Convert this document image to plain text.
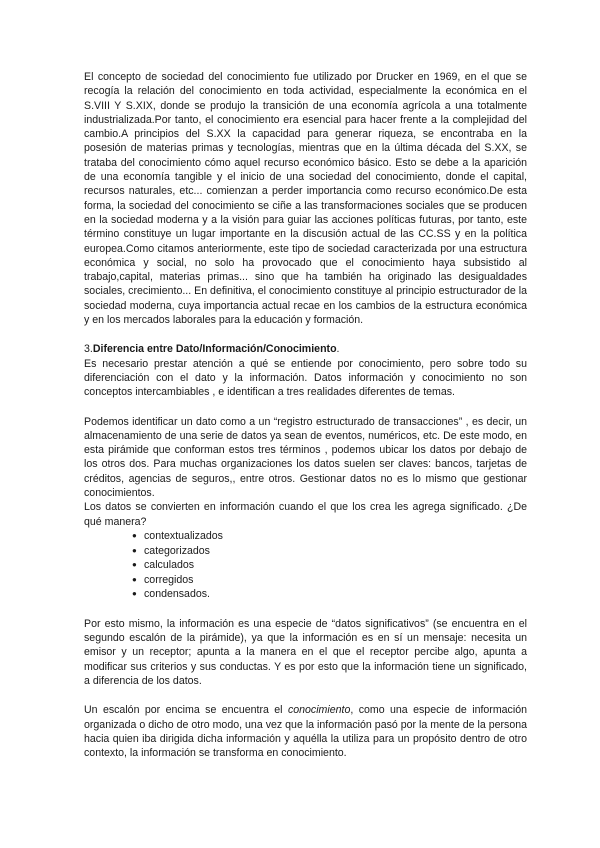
El concepto de sociedad del conocimiento fue utilizado por Drucker en 1969, en el que se recogía la relación del conocimiento en toda actividad, especialmente la económica en el S.VIII Y S.XIX, donde se produjo la transición de una economía agrícola a una totalmente industrializada.Por tanto, el conocimiento era esencial para hacer frente a la complejidad del cambio.A principios del S.XX la capacidad para generar riqueza, se encontraba en la posesión de materias primas y tecnologías, mientras que en la última década del S.XX, se trataba del conocimiento cómo aquel recurso económico básico. Esto se debe a la aparición de una economía tangible y el inicio de una sociedad del conocimiento, donde el capital, recursos naturales, etc... comienzan a perder importancia como recurso económico.De esta forma, la sociedad del conocimiento se ciñe a las transformaciones sociales que se producen en la sociedad moderna y a la visión para guiar las acciones políticas futuras, por tanto, este término constituye un lugar importante en la discusión actual de las CC.SS y en la política europea.Como citamos anteriormente, este tipo de sociedad caracterizada por una estructura económica y social, no solo ha provocado que el conocimiento haya subsistido al trabajo,capital, materias primas... sino que ha también ha originado las desigualdades sociales, crecimiento... En definitiva, el conocimiento constituye al principio estructurador de la sociedad moderna, cuya importancia actual recae en los cambios de la estructura económica y en los mercados laborales para la educación y formación.

3.Diferencia entre Dato/Información/Conocimiento.

Es necesario prestar atención a qué se entiende por conocimiento, pero sobre todo su diferenciación con el dato y la información. Datos información y conocimiento no son conceptos intercambiables , e identifican a tres realidades diferentes de temas.

Podemos identificar un dato como a un “registro estructurado de transacciones” , es decir, un almacenamiento de una serie de datos ya sean de eventos, numéricos, etc. De este modo, en esta pirámide que conforman estos tres términos , podemos ubicar los datos por debajo de los otros dos. Para muchas organizaciones los datos suelen ser claves: bancos, tarjetas de créditos, agencias de seguros,, entre otros. Gestionar datos no es lo mismo que gestionar conocimientos.

Los datos se convierten en información cuando el que los crea les agrega significado. ¿De qué manera?

● contextualizados
● categorizados
● calculados
● corregidos
● condensados.

Por esto mismo, la información es una especie de “datos significativos” (se encuentra en el segundo escalón de la pirámide), ya que la información es en sí un mensaje: necesita un emisor y un receptor; apunta a la manera en el que el receptor percibe algo, apunta a modificar sus criterios y sus conductas. Y es por esto que la información tiene un significado, a diferencia de los datos.

Un escalón por encima se encuentra el conocimiento, como una especie de información organizada o dicho de otro modo, una vez que la información pasó por la mente de la persona hacia quien iba dirigida dicha información y aquélla la utiliza para un propósito dentro de otro contexto, la información se transforma en conocimiento.
